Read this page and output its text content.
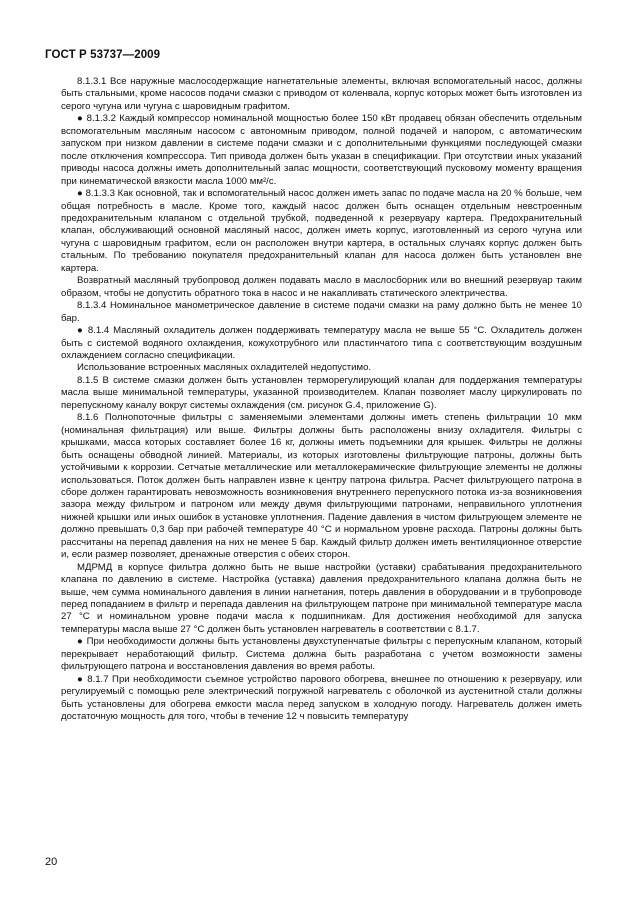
ГОСТ Р 53737—2009

8.1.3.1 Все наружные маслосодержащие нагнетательные элементы, включая вспомогательный насос, должны быть стальными, кроме насосов подачи смазки с приводом от коленвала, корпус которых может быть изготовлен из серого чугуна или чугуна с шаровидным графитом.

● 8.1.3.2 Каждый компрессор номинальной мощностью более 150 кВт продавец обязан обеспечить отдельным вспомогательным масляным насосом с автономным приводом, полной подачей и напором, с автоматическим запуском при низком давлении в системе подачи смазки и с дополнительными функциями последующей смазки после отключения компрессора. Тип привода должен быть указан в спецификации. При отсутствии иных указаний приводы насоса должны иметь дополнительный запас мощности, соответствующий пусковому моменту вращения при кинематической вязкости масла 1000 мм²/с.

● 8.1.3.3 Как основной, так и вспомогательный насос должен иметь запас по подаче масла на 20 % больше, чем общая потребность в масле. Кроме того, каждый насос должен быть оснащен отдельным невстроенным предохранительным клапаном с отдельной трубкой, подведенной к резервуару картера. Предохранительный клапан, обслуживающий основной масляный насос, должен иметь корпус, изготовленный из серого чугуна или чугуна с шаровидным графитом, если он расположен внутри картера, в остальных случаях корпус должен быть стальным. По требованию покупателя предохранительный клапан для насоса должен быть установлен вне картера.

Возвратный масляный трубопровод должен подавать масло в маслосборник или во внешний резервуар таким образом, чтобы не допустить обратного тока в насос и не накапливать статического электричества.

8.1.3.4 Номинальное манометрическое давление в системе подачи смазки на раму должно быть не менее 10 бар.

● 8.1.4 Масляный охладитель должен поддерживать температуру масла не выше 55 °С. Охладитель должен быть с системой водяного охлаждения, кожухотрубного или пластинчатого типа с соответствующим воздушным охлаждением согласно спецификации.

Использование встроенных масляных охладителей недопустимо.

8.1.5 В системе смазки должен быть установлен терморегулирующий клапан для поддержания температуры масла выше минимальной температуры, указанной производителем. Клапан позволяет маслу циркулировать по перепускному каналу вокруг системы охлаждения (см. рисунок G.4, приложение G).

8.1.6 Полнопоточные фильтры с заменяемыми элементами должны иметь степень фильтрации 10 мкм (номинальная фильтрация) или выше. Фильтры должны быть расположены внизу охладителя. Фильтры с крышками, масса которых составляет более 16 кг, должны иметь подъемники для крышек. Фильтры не должны быть оснащены обводной линией. Материалы, из которых изготовлены фильтрующие патроны, должны быть устойчивыми к коррозии. Сетчатые металлические или металлокерамические фильтрующие элементы не должны использоваться. Поток должен быть направлен извне к центру патрона фильтра. Расчет фильтрующего патрона в сборе должен гарантировать невозможность возникновения внутреннего перепускного потока из-за возникновения зазора между фильтром и патроном или между двумя фильтрующими патронами, неправильного уплотнения нижней крышки или иных ошибок в установке уплотнения. Падение давления в чистом фильтрующем элементе не должно превышать 0,3 бар при рабочей температуре 40 °С и нормальном уровне расхода. Патроны должны быть рассчитаны на перепад давления на них не менее 5 бар. Каждый фильтр должен иметь вентиляционное отверстие и, если размер позволяет, дренажные отверстия с обеих сторон.

МДРМД в корпусе фильтра должно быть не выше настройки (уставки) срабатывания предохранительного клапана по давлению в системе. Настройка (уставка) давления предохранительного клапана должна быть не выше, чем сумма номинального давления в линии нагнетания, потерь давления в оборудовании и в трубопроводе перед попаданием в фильтр и перепада давления на фильтрующем патроне при минимальной температуре масла 27 °С и номинальном уровне подачи масла к подшипникам. Для достижения необходимой для запуска температуры масла выше 27 °С должен быть установлен нагреватель в соответствии с 8.1.7.

● При необходимости должны быть установлены двухступенчатые фильтры с перепускным клапаном, который перекрывает неработающий фильтр. Система должна быть разработана с учетом возможности замены фильтрующего патрона и восстановления давления во время работы.

● 8.1.7 При необходимости съемное устройство парового обогрева, внешнее по отношению к резервуару, или регулируемый с помощью реле электрический погружной нагреватель с оболочкой из аустенитной стали должны быть установлены для обогрева емкости масла перед запуском в холодную погоду. Нагреватель должен иметь достаточную мощность для того, чтобы в течение 12 ч повысить температуру

20
